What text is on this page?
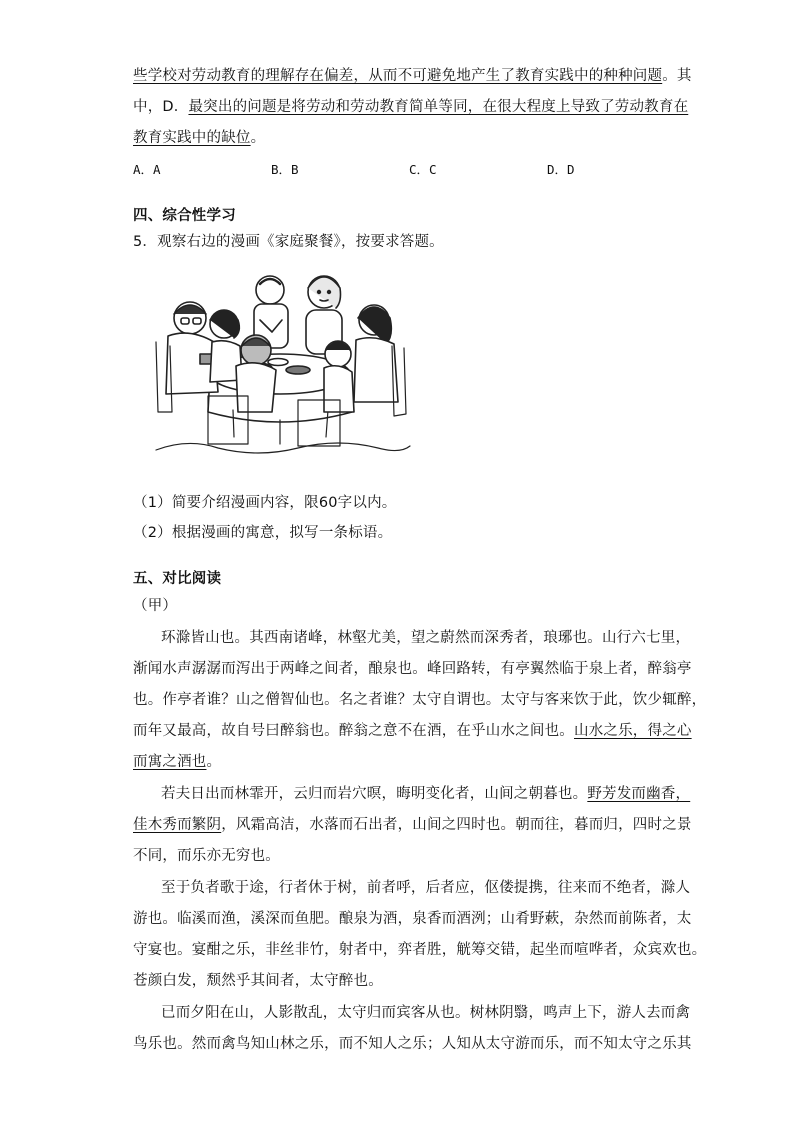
些学校对劳动教育的理解存在偏差，从而不可避免地产生了教育实践中的种种问题。其
中，D．最突出的问题是将劳动和劳动教育简单等同，在很大程度上导致了劳动教育在
教育实践中的缺位。
A．A	B．B	C．C	D．D
四、综合性学习
5．观察右边的漫画《家庭聚餐》，按要求答题。
（1）简要介绍漫画内容，限60字以内。
（2）根据漫画的寓意，拟写一条标语。
五、对比阅读
（甲）
环滁皆山也。其西南诸峰，林壑尤美，望之蔚然而深秀者，琅琊也。山行六七里，
渐闻水声潺潺而泻出于两峰之间者，酿泉也。峰回路转，有亭翼然临于泉上者，醉翁亭
也。作亭者谁？山之僧智仙也。名之者谁？太守自谓也。太守与客来饮于此，饮少辄醉，
而年又最高，故自号曰醉翁也。醉翁之意不在酒，在乎山水之间也。山水之乐，得之心
而寓之酒也。
若夫日出而林霏开，云归而岩穴暝，晦明变化者，山间之朝暮也。野芳发而幽香，
佳木秀而繁阴，风霜高洁，水落而石出者，山间之四时也。朝而往，暮而归，四时之景
不同，而乐亦无穷也。
至于负者歌于途，行者休于树，前者呼，后者应，伛偻提携，往来而不绝者，滁人
游也。临溪而渔，溪深而鱼肥。酿泉为酒，泉香而酒洌；山肴野蔌，杂然而前陈者，太
守宴也。宴酣之乐，非丝非竹，射者中，弈者胜，觥筹交错，起坐而喧哗者，众宾欢也。
苍颜白发，颓然乎其间者，太守醉也。
已而夕阳在山，人影散乱，太守归而宾客从也。树林阴翳，鸣声上下，游人去而禽
鸟乐也。然而禽鸟知山林之乐，而不知人之乐；人知从太守游而乐，而不知太守之乐其
